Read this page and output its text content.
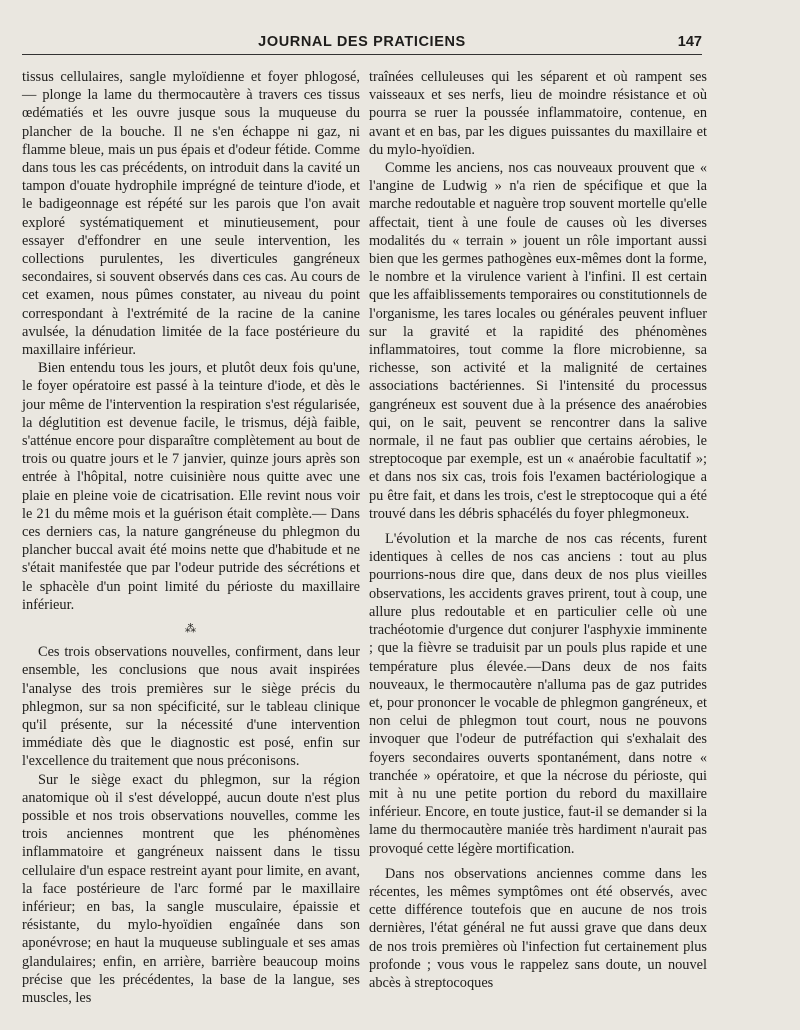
JOURNAL DES PRATICIENS	147

tissus cellulaires, sangle myloïdienne et foyer phlogosé, — plonge la lame du thermocautère à travers ces tissus œdématiés et les ouvre jusque sous la muqueuse du plancher de la bouche. Il ne s'en échappe ni gaz, ni flamme bleue, mais un pus épais et d'odeur fétide. Comme dans tous les cas précédents, on introduit dans la cavité un tampon d'ouate hydrophile imprégné de teinture d'iode, et le badigeonnage est répété sur les parois que l'on avait exploré systématiquement et minutieusement, pour essayer d'effondrer en une seule intervention, les collections purulentes, les diverticules gangréneux secondaires, si souvent observés dans ces cas. Au cours de cet examen, nous pûmes constater, au niveau du point correspondant à l'extrémité de la racine de la canine avulsée, la dénudation limitée de la face postérieure du maxillaire inférieur.

Bien entendu tous les jours, et plutôt deux fois qu'une, le foyer opératoire est passé à la teinture d'iode, et dès le jour même de l'intervention la respiration s'est régularisée, la déglutition est devenue facile, le trismus, déjà faible, s'atténue encore pour disparaître complètement au bout de trois ou quatre jours et le 7 janvier, quinze jours après son entrée à l'hôpital, notre cuisinière nous quitte avec une plaie en pleine voie de cicatrisation. Elle revint nous voir le 21 du même mois et la guérison était complète.— Dans ces derniers cas, la nature gangréneuse du phlegmon du plancher buccal avait été moins nette que d'habitude et ne s'était manifestée que par l'odeur putride des sécrétions et le sphacèle d'un point limité du périoste du maxillaire inférieur.

⁂

Ces trois observations nouvelles, confirment, dans leur ensemble, les conclusions que nous avait inspirées l'analyse des trois premières sur le siège précis du phlegmon, sur sa non spécificité, sur le tableau clinique qu'il présente, sur la nécessité d'une intervention immédiate dès que le diagnostic est posé, enfin sur l'excellence du traitement que nous préconisons.

Sur le siège exact du phlegmon, sur la région anatomique où il s'est développé, aucun doute n'est plus possible et nos trois observations nouvelles, comme les trois anciennes montrent que les phénomènes inflammatoire et gangréneux naissent dans le tissu cellulaire d'un espace restreint ayant pour limite, en avant, la face postérieure de l'arc formé par le maxillaire inférieur; en bas, la sangle musculaire, épaissie et résistante, du mylo-hyoïdien engaînée dans son aponévrose; en haut la muqueuse sublinguale et ses amas glandulaires; enfin, en arrière, barrière beaucoup moins précise que les précédentes, la base de la langue, ses muscles, les

traînées celluleuses qui les séparent et où rampent ses vaisseaux et ses nerfs, lieu de moindre résistance et où pourra se ruer la poussée inflammatoire, contenue, en avant et en bas, par les digues puissantes du maxillaire et du mylo-hyoïdien.

Comme les anciens, nos cas nouveaux prouvent que « l'angine de Ludwig » n'a rien de spécifique et que la marche redoutable et naguère trop souvent mortelle qu'elle affectait, tient à une foule de causes où les diverses modalités du « terrain » jouent un rôle important aussi bien que les germes pathogènes eux-mêmes dont la forme, le nombre et la virulence varient à l'infini. Il est certain que les affaiblissements temporaires ou constitutionnels de l'organisme, les tares locales ou générales peuvent influer sur la gravité et la rapidité des phénomènes inflammatoires, tout comme la flore microbienne, sa richesse, son activité et la malignité de certaines associations bactériennes. Si l'intensité du processus gangréneux est souvent due à la présence des anaérobies qui, on le sait, peuvent se rencontrer dans la salive normale, il ne faut pas oublier que certains aérobies, le streptocoque par exemple, est un « anaérobie facultatif »; et dans nos six cas, trois fois l'examen bactériologique a pu être fait, et dans les trois, c'est le streptocoque qui a été trouvé dans les débris sphacélés du foyer phlegmoneux.

L'évolution et la marche de nos cas récents, furent identiques à celles de nos cas anciens : tout au plus pourrions-nous dire que, dans deux de nos plus vieilles observations, les accidents graves prirent, tout à coup, une allure plus redoutable et en particulier celle où une trachéotomie d'urgence dut conjurer l'asphyxie imminente ; que la fièvre se traduisit par un pouls plus rapide et une température plus élevée.—Dans deux de nos faits nouveaux, le thermocautère n'alluma pas de gaz putrides et, pour prononcer le vocable de phlegmon gangréneux, et non celui de phlegmon tout court, nous ne pouvons invoquer que l'odeur de putréfaction qui s'exhalait des foyers secondaires ouverts spontanément, dans notre « tranchée » opératoire, et que la nécrose du périoste, qui mit à nu une petite portion du rebord du maxillaire inférieur. Encore, en toute justice, faut-il se demander si la lame du thermocautère maniée très hardiment n'aurait pas provoqué cette légère mortification.

Dans nos observations anciennes comme dans les récentes, les mêmes symptômes ont été observés, avec cette différence toutefois que en aucune de nos trois dernières, l'état général ne fut aussi grave que dans deux de nos trois premières où l'infection fut certainement plus profonde ; vous vous le rappelez sans doute, un nouvel abcès à streptocoques
